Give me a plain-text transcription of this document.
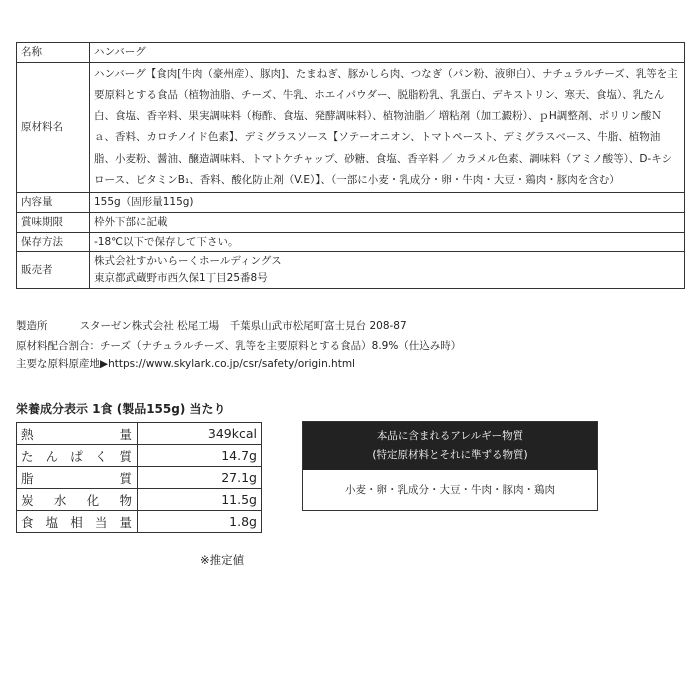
名称	ハンバーグ
原材料名	ハンバーグ【食肉[牛肉（豪州産）、豚肉]、たまねぎ、豚かしら肉、つなぎ（パン粉、液卵白）、ナチュラルチーズ、乳等を主要原料とする食品（植物油脂、チーズ、牛乳、ホエイパウダー、脱脂粉乳、乳蛋白、デキストリン、寒天、食塩）、乳たん白、食塩、香辛料、果実調味料（梅酢、食塩、発酵調味料）、植物油脂／ 増粘剤（加工澱粉）、ｐH調整剤、ポリリン酸Ｎａ、香料、カロチノイド色素】、デミグラスソース【ソテーオニオン、トマトペースト、デミグラスベース、牛脂、植物油脂、小麦粉、醤油、醸造調味料、トマトケチャップ、砂糖、食塩、香辛料 ／ カラメル色素、調味料（アミノ酸等）、D-キシロース、ビタミンB₁、香料、酸化防止剤（V.E）】、（一部に小麦・乳成分・卵・牛肉・大豆・鶏肉・豚肉を含む）
内容量	155g（固形量115g)
賞味期限	枠外下部に記載
保存方法	-18℃以下で保存して下さい。
販売者	株式会社すかいらーくホールディングス
東京都武蔵野市西久保1丁目25番8号
製造所	スターゼン株式会社 松尾工場　千葉県山武市松尾町富士見台 208-87
原材料配合割合：チーズ（ナチュラルチーズ、乳等を主要原料とする食品）8.9%（仕込み時）
主要な原料原産地▶https://www.skylark.co.jp/csr/safety/origin.html
栄養成分表示 1食 (製品155g) 当たり
熱量	349kcal
たんぱく質	14.7g
脂質	27.1g
炭水化物	11.5g
食塩相当量	1.8g
※推定値
本品に含まれるアレルギー物質
(特定原材料とそれに準ずる物質)
小麦・卵・乳成分・大豆・牛肉・豚肉・鶏肉
